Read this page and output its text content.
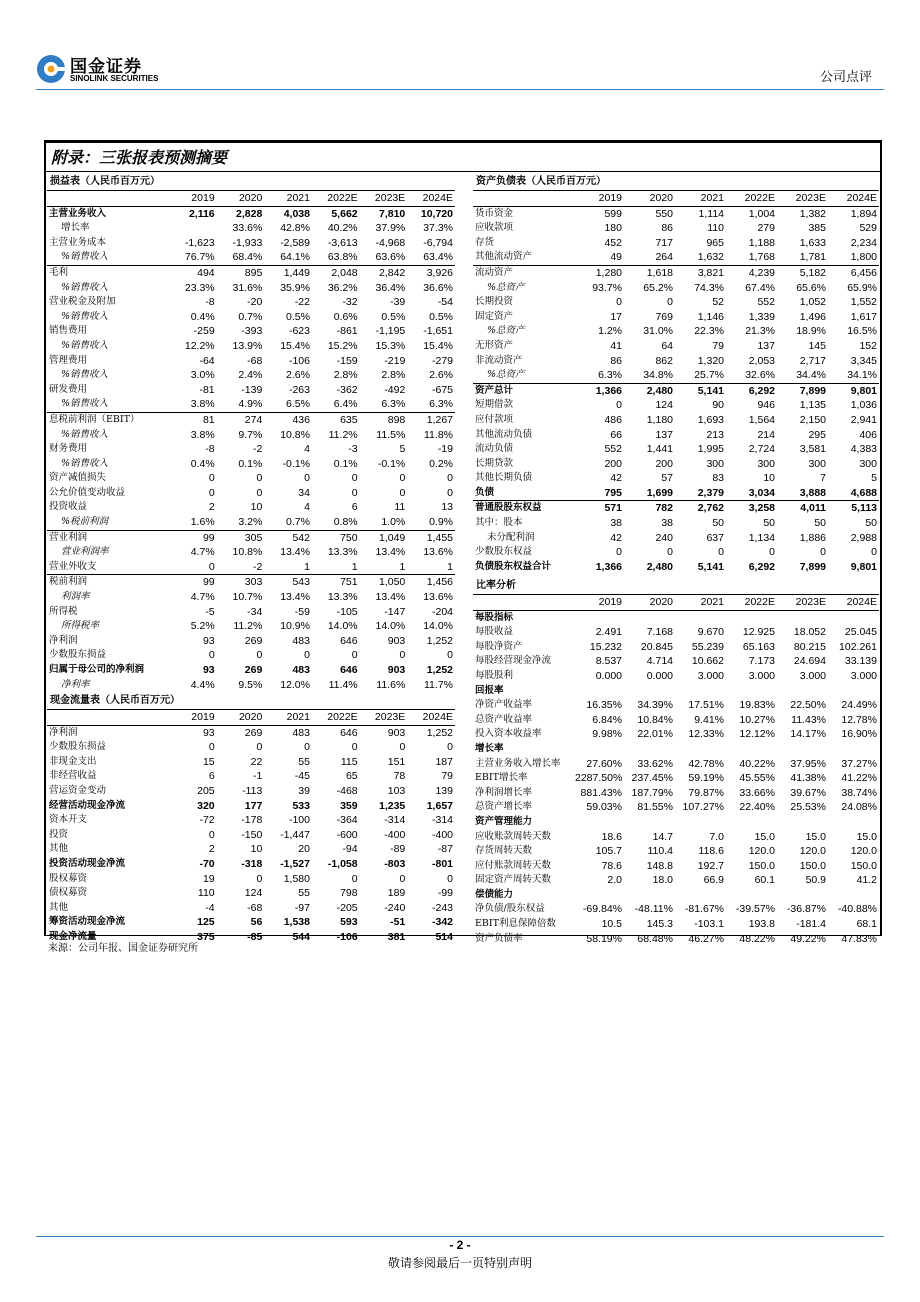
国金证券
SINOLINK SECURITIES	公司点评
附录：三张报表预测摘要
损益表（人民币百万元）
	2019	2020	2021	2022E	2023E	2024E
主营业务收入	2,116	2,828	4,038	5,662	7,810	10,720
增长率		33.6%	42.8%	40.2%	37.9%	37.3%
主营业务成本	-1,623	-1,933	-2,589	-3,613	-4,968	-6,794
%销售收入	76.7%	68.4%	64.1%	63.8%	63.6%	63.4%
毛利	494	895	1,449	2,048	2,842	3,926
%销售收入	23.3%	31.6%	35.9%	36.2%	36.4%	36.6%
营业税金及附加	-8	-20	-22	-32	-39	-54
%销售收入	0.4%	0.7%	0.5%	0.6%	0.5%	0.5%
销售费用	-259	-393	-623	-861	-1,195	-1,651
%销售收入	12.2%	13.9%	15.4%	15.2%	15.3%	15.4%
管理费用	-64	-68	-106	-159	-219	-279
%销售收入	3.0%	2.4%	2.6%	2.8%	2.8%	2.6%
研发费用	-81	-139	-263	-362	-492	-675
%销售收入	3.8%	4.9%	6.5%	6.4%	6.3%	6.3%
息税前利润（EBIT）	81	274	436	635	898	1,267
%销售收入	3.8%	9.7%	10.8%	11.2%	11.5%	11.8%
财务费用	-8	-2	4	-3	5	-19
%销售收入	0.4%	0.1%	-0.1%	0.1%	-0.1%	0.2%
资产减值损失	0	0	0	0	0	0
公允价值变动收益	0	0	34	0	0	0
投资收益	2	10	4	6	11	13
%税前利润	1.6%	3.2%	0.7%	0.8%	1.0%	0.9%
营业利润	99	305	542	750	1,049	1,455
营业利润率	4.7%	10.8%	13.4%	13.3%	13.4%	13.6%
营业外收支	0	-2	1	1	1	1
税前利润	99	303	543	751	1,050	1,456
利润率	4.7%	10.7%	13.4%	13.3%	13.4%	13.6%
所得税	-5	-34	-59	-105	-147	-204
所得税率	5.2%	11.2%	10.9%	14.0%	14.0%	14.0%
净利润	93	269	483	646	903	1,252
少数股东损益	0	0	0	0	0	0
归属于母公司的净利润	93	269	483	646	903	1,252
净利率	4.4%	9.5%	12.0%	11.4%	11.6%	11.7%
现金流量表（人民币百万元）
	2019	2020	2021	2022E	2023E	2024E
净利润	93	269	483	646	903	1,252
少数股东损益	0	0	0	0	0	0
非现金支出	15	22	55	115	151	187
非经营收益	6	-1	-45	65	78	79
营运资金变动	205	-113	39	-468	103	139
经营活动现金净流	320	177	533	359	1,235	1,657
资本开支	-72	-178	-100	-364	-314	-314
投资	0	-150	-1,447	-600	-400	-400
其他	2	10	20	-94	-89	-87
投资活动现金净流	-70	-318	-1,527	-1,058	-803	-801
股权募资	19	0	1,580	0	0	0
债权募资	110	124	55	798	189	-99
其他	-4	-68	-97	-205	-240	-243
筹资活动现金净流	125	56	1,538	593	-51	-342
现金净流量	375	-85	544	-106	381	514
资产负债表（人民币百万元）
	2019	2020	2021	2022E	2023E	2024E
货币资金	599	550	1,114	1,004	1,382	1,894
应收款项	180	86	110	279	385	529
存货	452	717	965	1,188	1,633	2,234
其他流动资产	49	264	1,632	1,768	1,781	1,800
流动资产	1,280	1,618	3,821	4,239	5,182	6,456
%总资产	93.7%	65.2%	74.3%	67.4%	65.6%	65.9%
长期投资	0	0	52	552	1,052	1,552
固定资产	17	769	1,146	1,339	1,496	1,617
%总资产	1.2%	31.0%	22.3%	21.3%	18.9%	16.5%
无形资产	41	64	79	137	145	152
非流动资产	86	862	1,320	2,053	2,717	3,345
%总资产	6.3%	34.8%	25.7%	32.6%	34.4%	34.1%
资产总计	1,366	2,480	5,141	6,292	7,899	9,801
短期借款	0	124	90	946	1,135	1,036
应付款项	486	1,180	1,693	1,564	2,150	2,941
其他流动负债	66	137	213	214	295	406
流动负债	552	1,441	1,995	2,724	3,581	4,383
长期贷款	200	200	300	300	300	300
其他长期负债	42	57	83	10	7	5
负债	795	1,699	2,379	3,034	3,888	4,688
普通股股东权益	571	782	2,762	3,258	4,011	5,113
其中：股本	38	38	50	50	50	50
未分配利润	42	240	637	1,134	1,886	2,988
少数股东权益	0	0	0	0	0	0
负债股东权益合计	1,366	2,480	5,141	6,292	7,899	9,801
比率分析
	2019	2020	2021	2022E	2023E	2024E
每股指标						
每股收益	2.491	7.168	9.670	12.925	18.052	25.045
每股净资产	15.232	20.845	55.239	65.163	80.215	102.261
每股经营现金净流	8.537	4.714	10.662	7.173	24.694	33.139
每股股利	0.000	0.000	3.000	3.000	3.000	3.000
回报率						
净资产收益率	16.35%	34.39%	17.51%	19.83%	22.50%	24.49%
总资产收益率	6.84%	10.84%	9.41%	10.27%	11.43%	12.78%
投入资本收益率	9.98%	22.01%	12.33%	12.12%	14.17%	16.90%
增长率						
主营业务收入增长率	27.60%	33.62%	42.78%	40.22%	37.95%	37.27%
EBIT增长率	2287.50%	237.45%	59.19%	45.55%	41.38%	41.22%
净利润增长率	881.43%	187.79%	79.87%	33.66%	39.67%	38.74%
总资产增长率	59.03%	81.55%	107.27%	22.40%	25.53%	24.08%
资产管理能力						
应收账款周转天数	18.6	14.7	7.0	15.0	15.0	15.0
存货周转天数	105.7	110.4	118.6	120.0	120.0	120.0
应付账款周转天数	78.6	148.8	192.7	150.0	150.0	150.0
固定资产周转天数	2.0	18.0	66.9	60.1	50.9	41.2
偿债能力						
净负债/股东权益	-69.84%	-48.11%	-81.67%	-39.57%	-36.87%	-40.88%
EBIT利息保障倍数	10.5	145.3	-103.1	193.8	-181.4	68.1
资产负债率	58.19%	68.48%	46.27%	48.22%	49.22%	47.83%
来源：公司年报、国金证券研究所
- 2 -
敬请参阅最后一页特别声明
